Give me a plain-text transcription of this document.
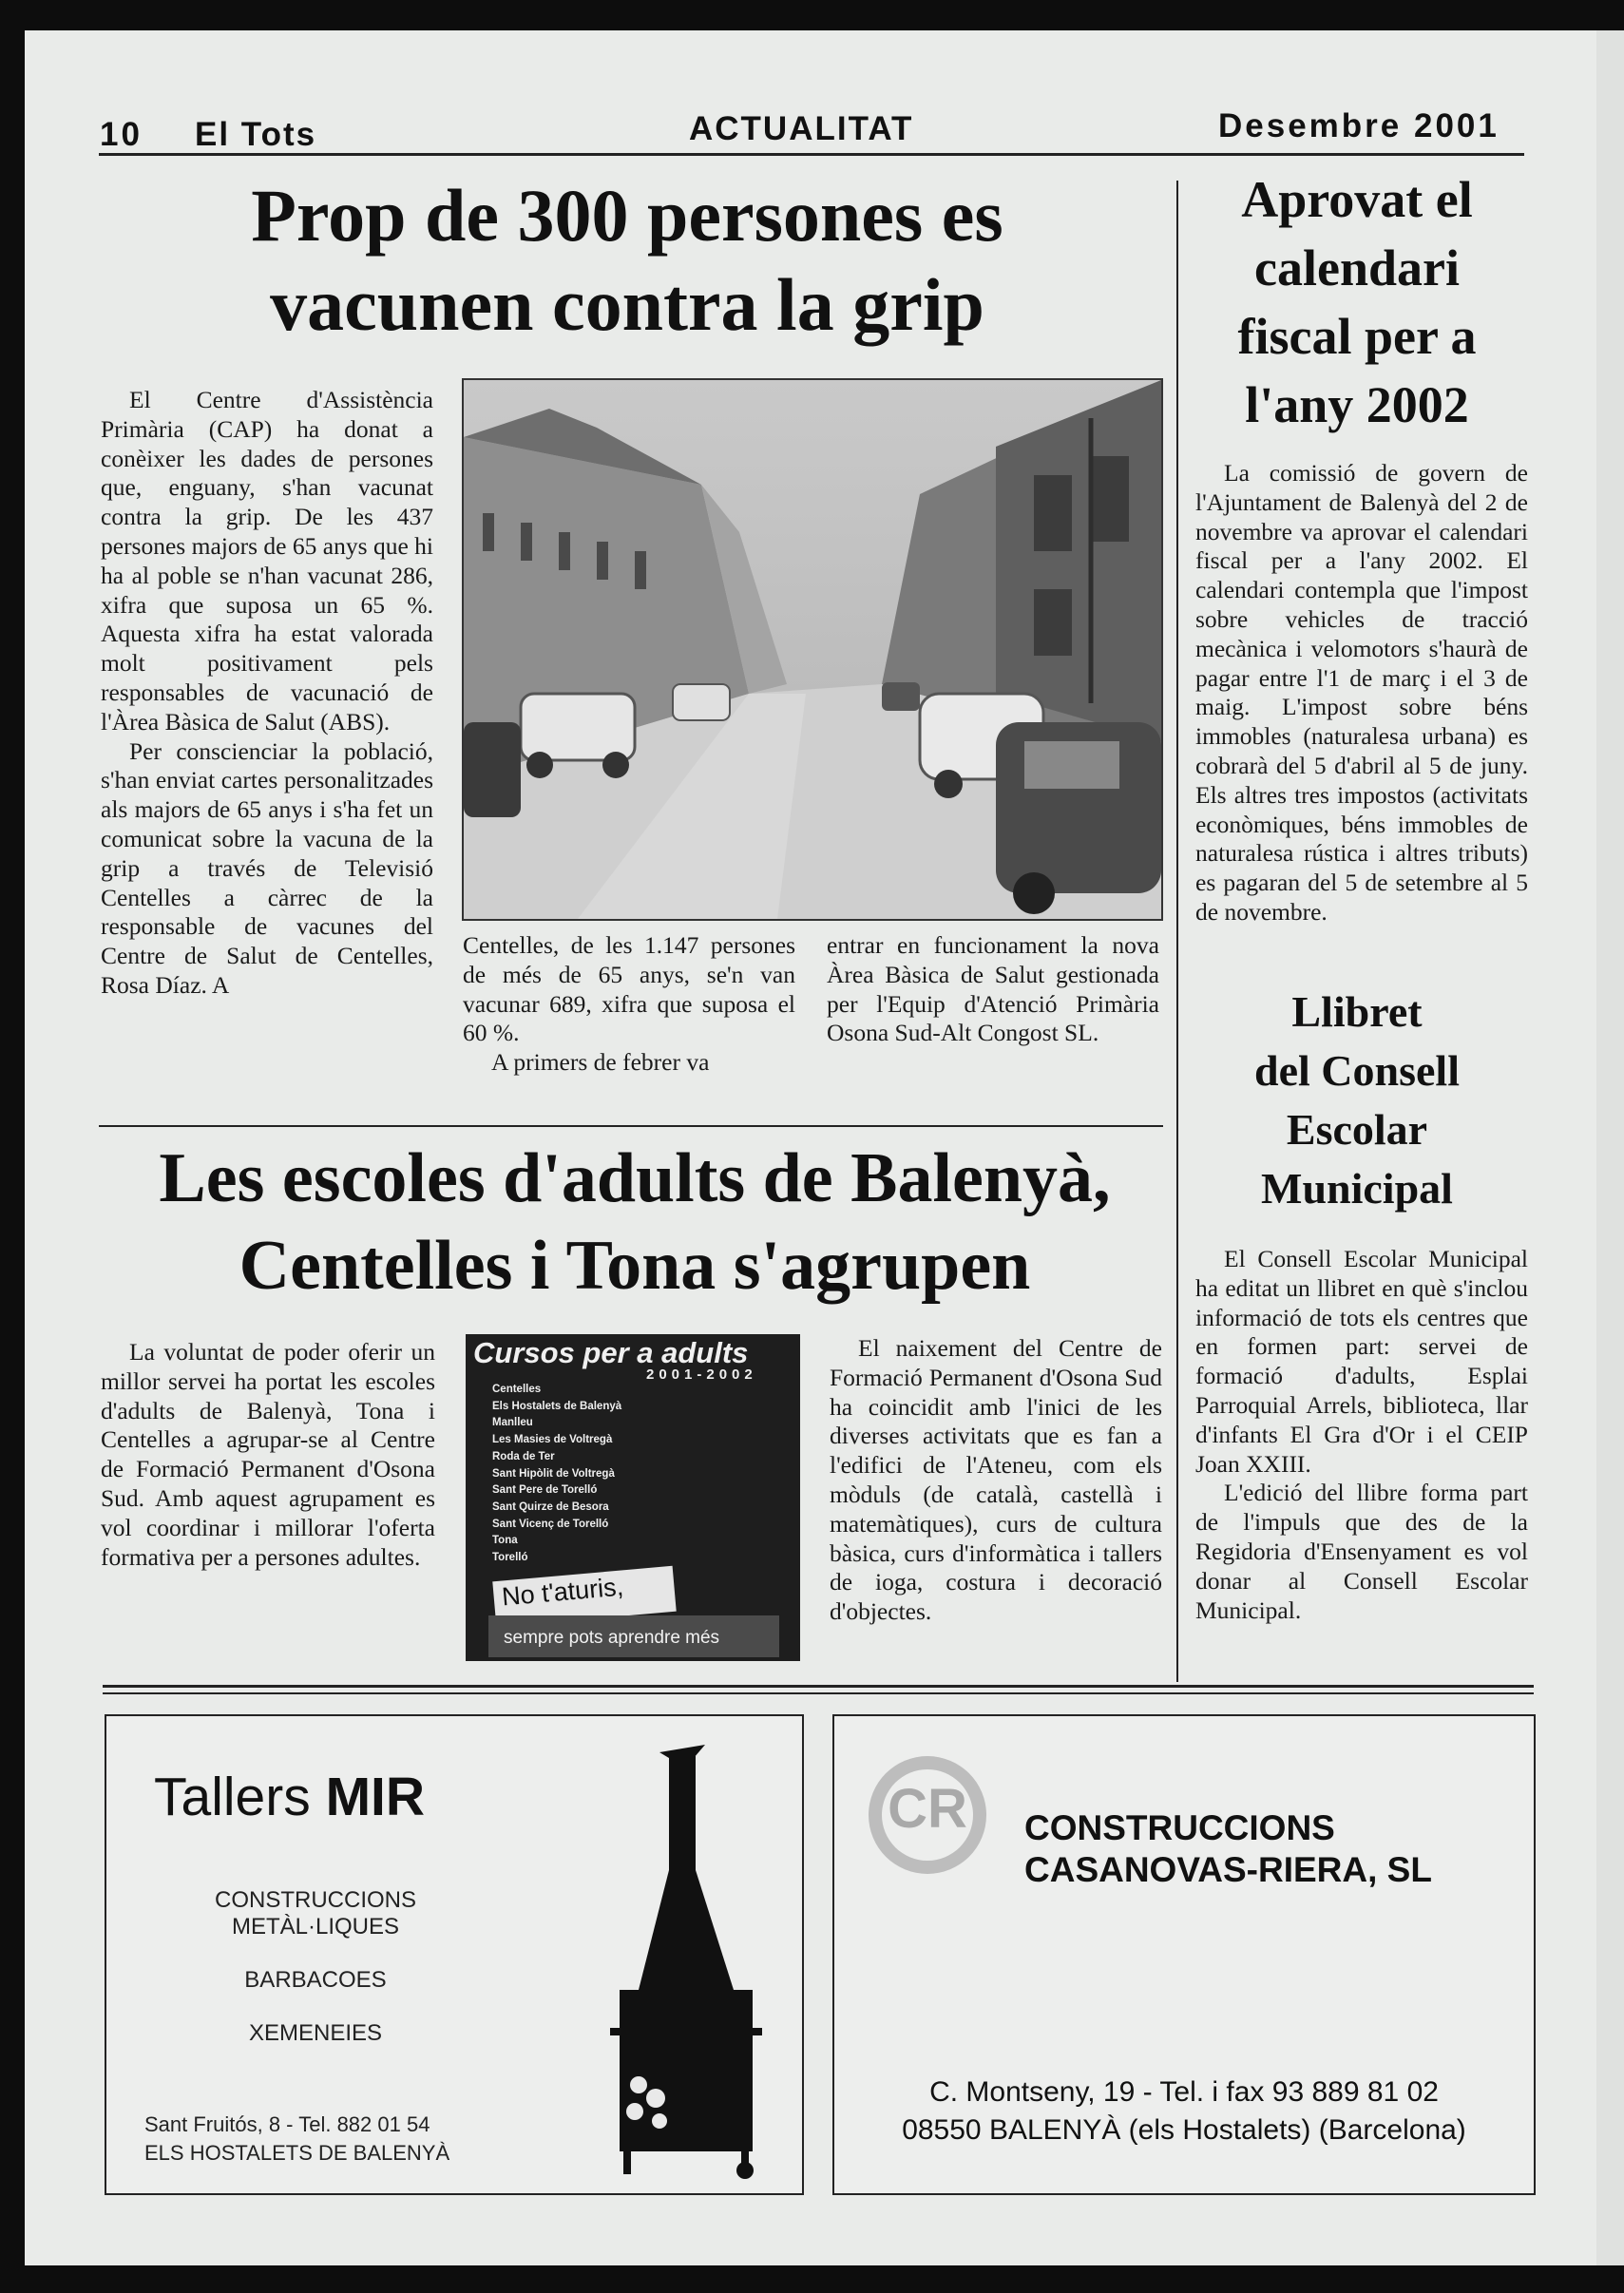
10 El Tots	ACTUALITAT	Desembre 2001
Prop de 300 persones es
vacunen contra la grip

El Centre d'Assistència Primària (CAP) ha donat a conèixer les dades de persones que, enguany, s'han vacunat contra la grip. De les 437 persones majors de 65 anys que hi ha al poble se n'han vacunat 286, xifra que suposa un 65 %. Aquesta xifra ha estat valorada molt positivament pels responsables de vacunació de l'Àrea Bàsica de Salut (ABS).

Per conscienciar la població, s'han enviat cartes personalitzades als majors de 65 anys i s'ha fet un comunicat sobre la vacuna de la grip a través de Televisió Centelles a càrrec de la responsable de vacunes del Centre de Salut de Centelles, Rosa Díaz. A

Centelles, de les 1.147 persones de més de 65 anys, se'n van vacunar 689, xifra que suposa el 60 %.

A primers de febrer va

entrar en funcionament la nova Àrea Bàsica de Salut gestionada per l'Equip d'Atenció Primària Osona Sud-Alt Congost SL.

Les escoles d'adults de Balenyà,
Centelles i Tona s'agrupen

La voluntat de poder oferir un millor servei ha portat les escoles d'adults de Balenyà, Tona i Centelles a agrupar-se al Centre de Formació Permanent d'Osona Sud. Amb aquest agrupament es vol coordinar i millorar l'oferta formativa per a persones adultes.

Cursos per a adults
2001-2002
Centelles
Els Hostalets de Balenyà
Manlleu
Les Masies de Voltregà
Roda de Ter
Sant Hipòlit de Voltregà
Sant Pere de Torelló
Sant Quirze de Besora
Sant Vicenç de Torelló
Tona
Torelló
No t'aturis,
sempre pots aprendre més

El naixement del Centre de Formació Permanent d'Osona Sud ha coincidit amb l'inici de les diverses activitats que es fan a l'edifici de l'Ateneu, com els mòduls (de català, castellà i matemàtiques), curs de cultura bàsica, curs d'informàtica i tallers de ioga, costura i decoració d'objectes.

Aprovat el
calendari
fiscal per a
l'any 2002

La comissió de govern de l'Ajuntament de Balenyà del 2 de novembre va aprovar el calendari fiscal per a l'any 2002. El calendari contempla que l'impost sobre vehicles de tracció mecànica i velomotors s'haurà de pagar entre l'1 de març i el 3 de maig. L'impost sobre béns immobles (naturalesa urbana) es cobrarà del 5 d'abril al 5 de juny. Els altres tres impostos (activitats econòmiques, béns immobles de naturalesa rústica i altres tributs) es pagaran del 5 de setembre al 5 de novembre.

Llibret
del Consell
Escolar
Municipal

El Consell Escolar Municipal ha editat un llibret en què s'inclou informació de tots els centres que en formen part: servei de formació d'adults, Esplai Parroquial Arrels, biblioteca, llar d'infants El Gra d'Or i el CEIP Joan XXIII.

L'edició del llibre forma part de l'impuls que des de la Regidoria d'Ensenyament es vol donar al Consell Escolar Municipal.

Tallers MIR
CONSTRUCCIONS
METÀL·LIQUES
BARBACOES
XEMENEIES
Sant Fruitós, 8 - Tel. 882 01 54
ELS HOSTALETS DE BALENYÀ
CR CONSTRUCCIONS
CASANOVAS-RIERA, SL
C. Montseny, 19 - Tel. i fax 93 889 81 02
08550 BALENYÀ (els Hostalets) (Barcelona)
